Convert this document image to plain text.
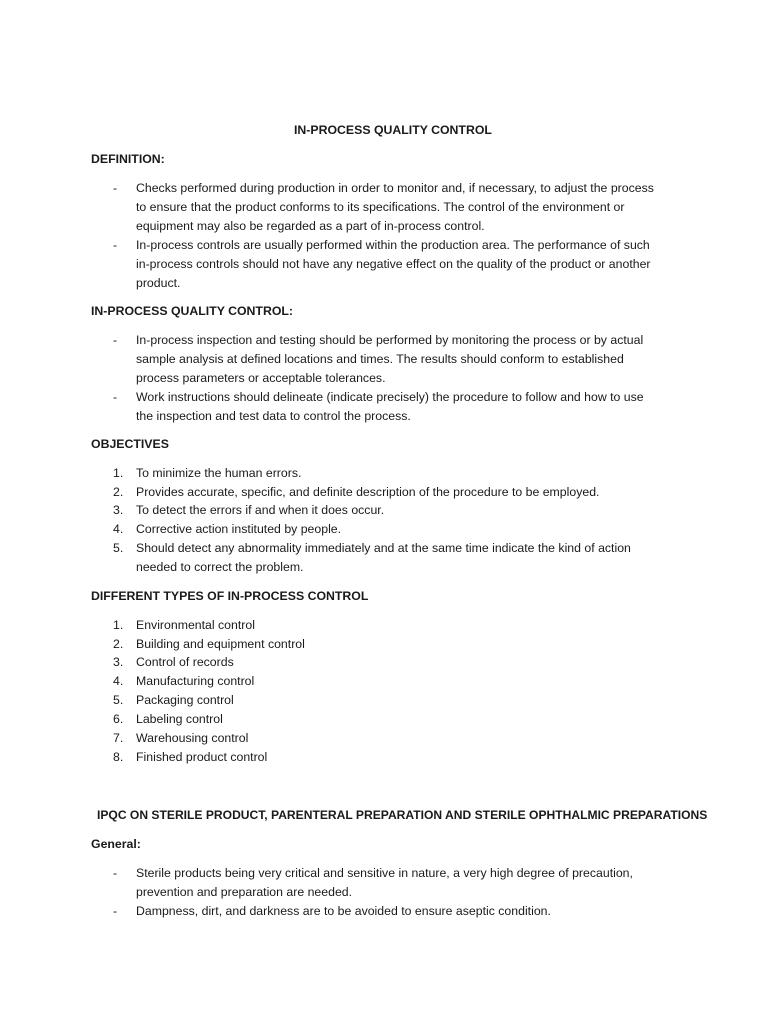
IN-PROCESS QUALITY CONTROL
DEFINITION:
- Checks performed during production in order to monitor and, if necessary, to adjust the process
to ensure that the product conforms to its specifications. The control of the environment or
equipment may also be regarded as a part of in-process control.
- In-process controls are usually performed within the production area. The performance of such
in-process controls should not have any negative effect on the quality of the product or another
product.
IN-PROCESS QUALITY CONTROL:
- In-process inspection and testing should be performed by monitoring the process or by actual
sample analysis at defined locations and times. The results should conform to established
process parameters or acceptable tolerances.
- Work instructions should delineate (indicate precisely) the procedure to follow and how to use
the inspection and test data to control the process.
OBJECTIVES
1. To minimize the human errors.
2. Provides accurate, specific, and definite description of the procedure to be employed.
3. To detect the errors if and when it does occur.
4. Corrective action instituted by people.
5. Should detect any abnormality immediately and at the same time indicate the kind of action
needed to correct the problem.
DIFFERENT TYPES OF IN-PROCESS CONTROL
1. Environmental control
2. Building and equipment control
3. Control of records
4. Manufacturing control
5. Packaging control
6. Labeling control
7. Warehousing control
8. Finished product control
IPQC ON STERILE PRODUCT, PARENTERAL PREPARATION AND STERILE OPHTHALMIC PREPARATIONS
General:
- Sterile products being very critical and sensitive in nature, a very high degree of precaution,
prevention and preparation are needed.
- Dampness, dirt, and darkness are to be avoided to ensure aseptic condition.
